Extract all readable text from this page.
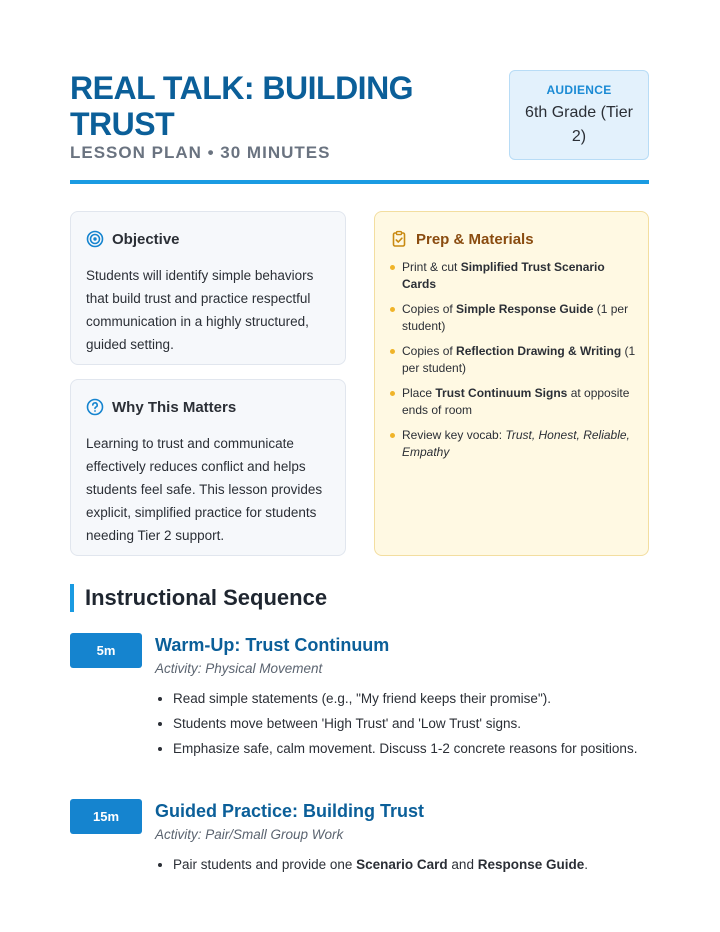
REAL TALK: BUILDING TRUST
LESSON PLAN • 30 MINUTES
AUDIENCE
6th Grade (Tier 2)
Objective

Students will identify simple behaviors that build trust and practice respectful communication in a highly structured, guided setting.

Why This Matters

Learning to trust and communicate effectively reduces conflict and helps students feel safe. This lesson provides explicit, simplified practice for students needing Tier 2 support.

Prep & Materials
Print & cut Simplified Trust Scenario Cards
Copies of Simple Response Guide (1 per student)
Copies of Reflection Drawing & Writing (1 per student)
Place Trust Continuum Signs at opposite ends of room
Review key vocab: Trust, Honest, Reliable, Empathy
Instructional Sequence
5m	Warm-Up: Trust Continuum
Activity: Physical Movement
• Read simple statements (e.g., "My friend keeps their promise").
• Students move between 'High Trust' and 'Low Trust' signs.
• Emphasize safe, calm movement. Discuss 1-2 concrete reasons for positions.
15m	Guided Practice: Building Trust
Activity: Pair/Small Group Work
• Pair students and provide one Scenario Card and Response Guide.
